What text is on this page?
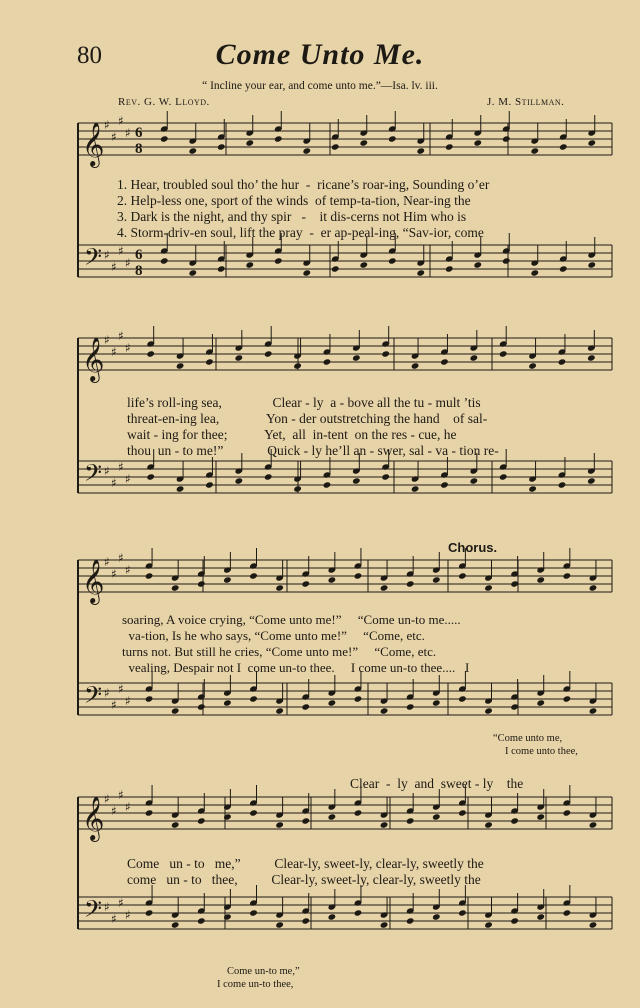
80	Come Unto Me.
“ Incline your ear, and come unto me.”—Isa. lv. iii.
Rev. G. W. Lloyd.	J. M. Stillman.
𝄞
𝄢
♯
♯
♯
♯
♯
♯
♯
♯
6
8
6
8
𝄞
𝄢
♯
♯
♯
♯
♯
♯
♯
♯
𝄞
𝄢
♯
♯
♯
♯
♯
♯
♯
♯
𝄞
𝄢
♯
♯
♯
♯
♯
♯
♯
♯
1. Hear, troubled soul tho’ the hur  -  ricane’s roar-ing, Sounding o’er
2. Help-less one, sport of the winds  of temp-ta-tion, Near-ing the
3. Dark is the night, and thy spir   -    it dis-cerns not Him who is
4. Storm-driv-en soul, lift the pray  -  er ap-peal-ing, “Sav-ior, come
life’s roll-ing sea,               Clear - ly  a - bove all the tu - mult ’tis
threat-en-ing lea,              Yon - der outstretching the hand    of sal-
wait - ing for thee;           Yet,  all  in-tent  on the res - cue, he
thou  un - to me!”             Quick - ly he’ll an - swer, sal - va - tion re-
Chorus.
soaring, A voice crying, “Come unto me!”     “Come un-to me.....
va-tion, Is he who says, “Come unto me!”     “Come, etc.
turns not. But still he cries, “Come unto me!”     “Come, etc.
vealing, Despair not I  come un-to thee.     I come un-to thee....   I
“Come unto me,
I come unto thee,
Clear  -  ly  and  sweet - ly    the
Come   un - to   me,”          Clear-ly, sweet-ly, clear-ly, sweetly the
come   un - to   thee,          Clear-ly, sweet-ly, clear-ly, sweetly the
Come un-to me,”
I come un-to thee,
